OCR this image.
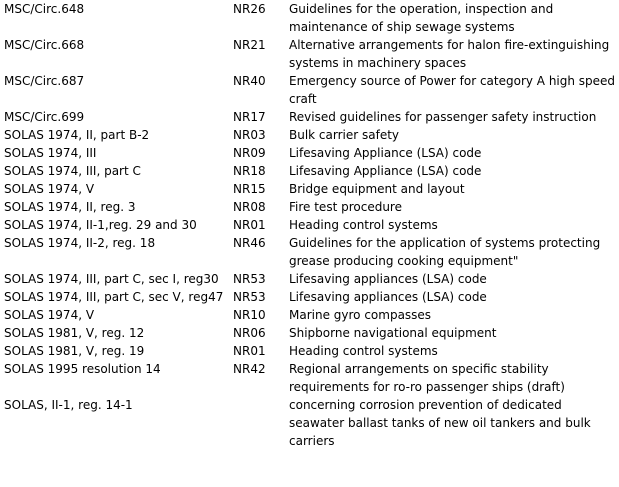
MSC/Circ.648	NR26	Guidelines for the operation, inspection and maintenance of ship sewage systems
MSC/Circ.668	NR21	Alternative arrangements for halon fire-extinguishing systems in machinery spaces
MSC/Circ.687	NR40	Emergency source of Power for category A high speed craft
MSC/Circ.699	NR17	Revised guidelines for passenger safety instruction
SOLAS 1974, II, part B-2	NR03	Bulk carrier safety
SOLAS 1974, III	NR09	Lifesaving Appliance (LSA) code
SOLAS 1974, III, part C	NR18	Lifesaving Appliance (LSA) code
SOLAS 1974, V	NR15	Bridge equipment and layout
SOLAS 1974, II, reg. 3	NR08	Fire test procedure
SOLAS 1974, II-1,reg. 29 and 30	NR01	Heading control systems
SOLAS 1974, II-2, reg. 18	NR46	Guidelines for the application of systems protecting grease producing cooking equipment"
SOLAS 1974, III, part C, sec I, reg30	NR53	Lifesaving appliances (LSA) code
SOLAS 1974, III, part C, sec V, reg47	NR53	Lifesaving appliances (LSA) code
SOLAS 1974, V	NR10	Marine gyro compasses
SOLAS 1981, V, reg. 12	NR06	Shipborne navigational equipment
SOLAS 1981, V, reg. 19	NR01	Heading control systems
SOLAS 1995 resolution 14	NR42	Regional arrangements on specific stability requirements for ro-ro passenger ships (draft)
SOLAS, II-1, reg. 14-1		concerning corrosion prevention of dedicated seawater ballast tanks of new oil tankers and bulk carriers
